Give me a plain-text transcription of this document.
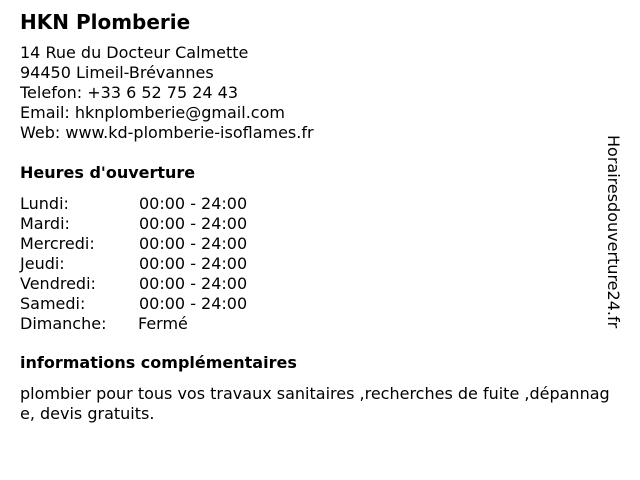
HKN Plomberie
14 Rue du Docteur Calmette
94450 Limeil-Brévannes
Telefon: +33 6 52 75 24 43
Email: hknplomberie@gmail.com
Web: www.kd-plomberie-isoflames.fr
Heures d'ouverture
Lundi:	00:00 - 24:00
Mardi:	00:00 - 24:00
Mercredi:	00:00 - 24:00
Jeudi:	00:00 - 24:00
Vendredi:	00:00 - 24:00
Samedi:	00:00 - 24:00
Dimanche: Fermé
informations complémentaires
plombier pour tous vos travaux sanitaires ,recherches de fuite ,dépannage, devis gratuits.
Horairesdouverture24.fr
